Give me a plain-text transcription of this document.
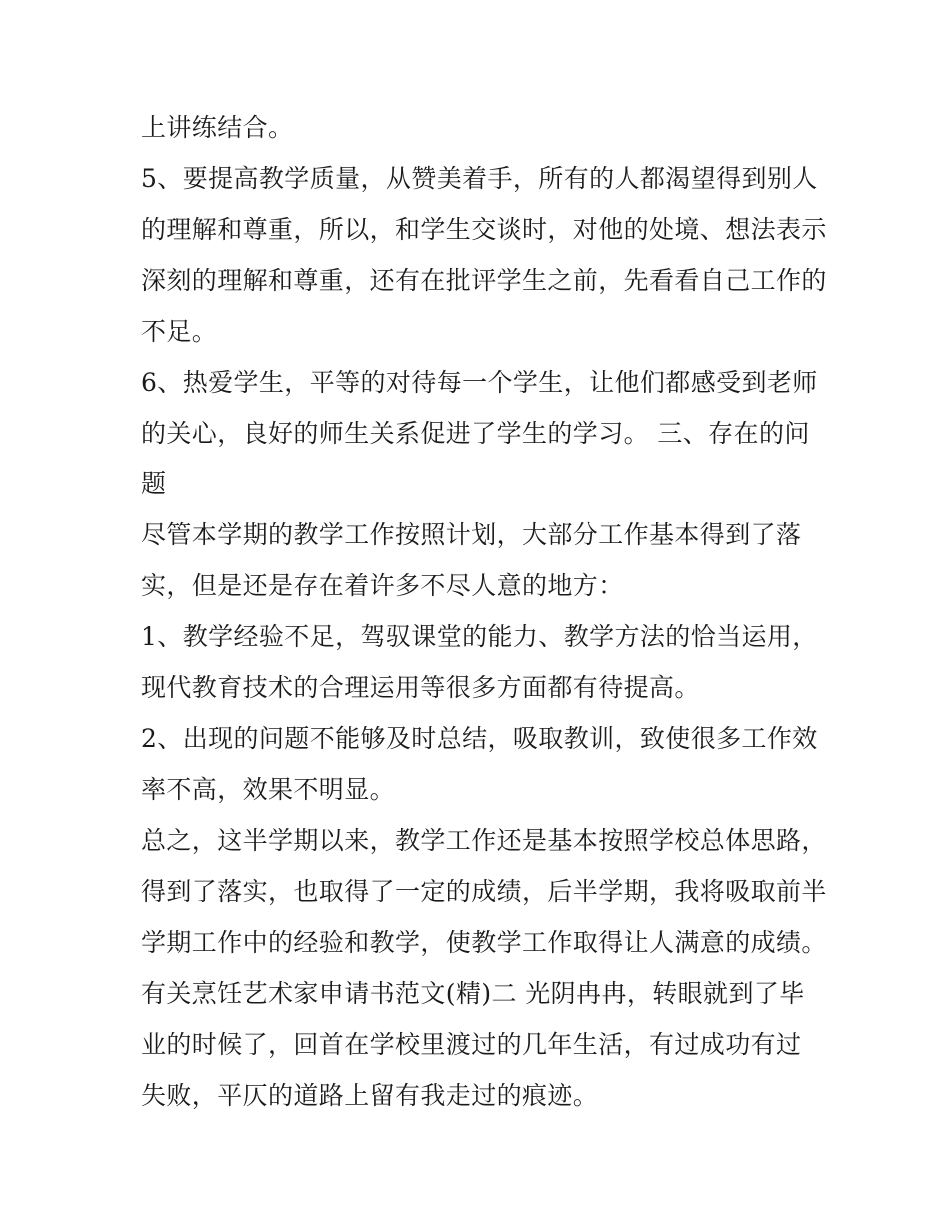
上讲练结合。
5、要提高教学质量，从赞美着手，所有的人都渴望得到别人
的理解和尊重，所以，和学生交谈时，对他的处境、想法表示
深刻的理解和尊重，还有在批评学生之前，先看看自己工作的
不足。
6、热爱学生，平等的对待每一个学生，让他们都感受到老师
的关心，良好的师生关系促进了学生的学习。 三、存在的问
题
尽管本学期的教学工作按照计划，大部分工作基本得到了落
实，但是还是存在着许多不尽人意的地方：
1、教学经验不足，驾驭课堂的能力、教学方法的恰当运用，
现代教育技术的合理运用等很多方面都有待提高。
2、出现的问题不能够及时总结，吸取教训，致使很多工作效
率不高，效果不明显。
总之，这半学期以来，教学工作还是基本按照学校总体思路，
得到了落实，也取得了一定的成绩，后半学期，我将吸取前半
学期工作中的经验和教学，使教学工作取得让人满意的成绩。
有关烹饪艺术家申请书范文(精)二 光阴冉冉，转眼就到了毕
业的时候了，回首在学校里渡过的几年生活，有过成功有过
失败，平仄的道路上留有我走过的痕迹。
